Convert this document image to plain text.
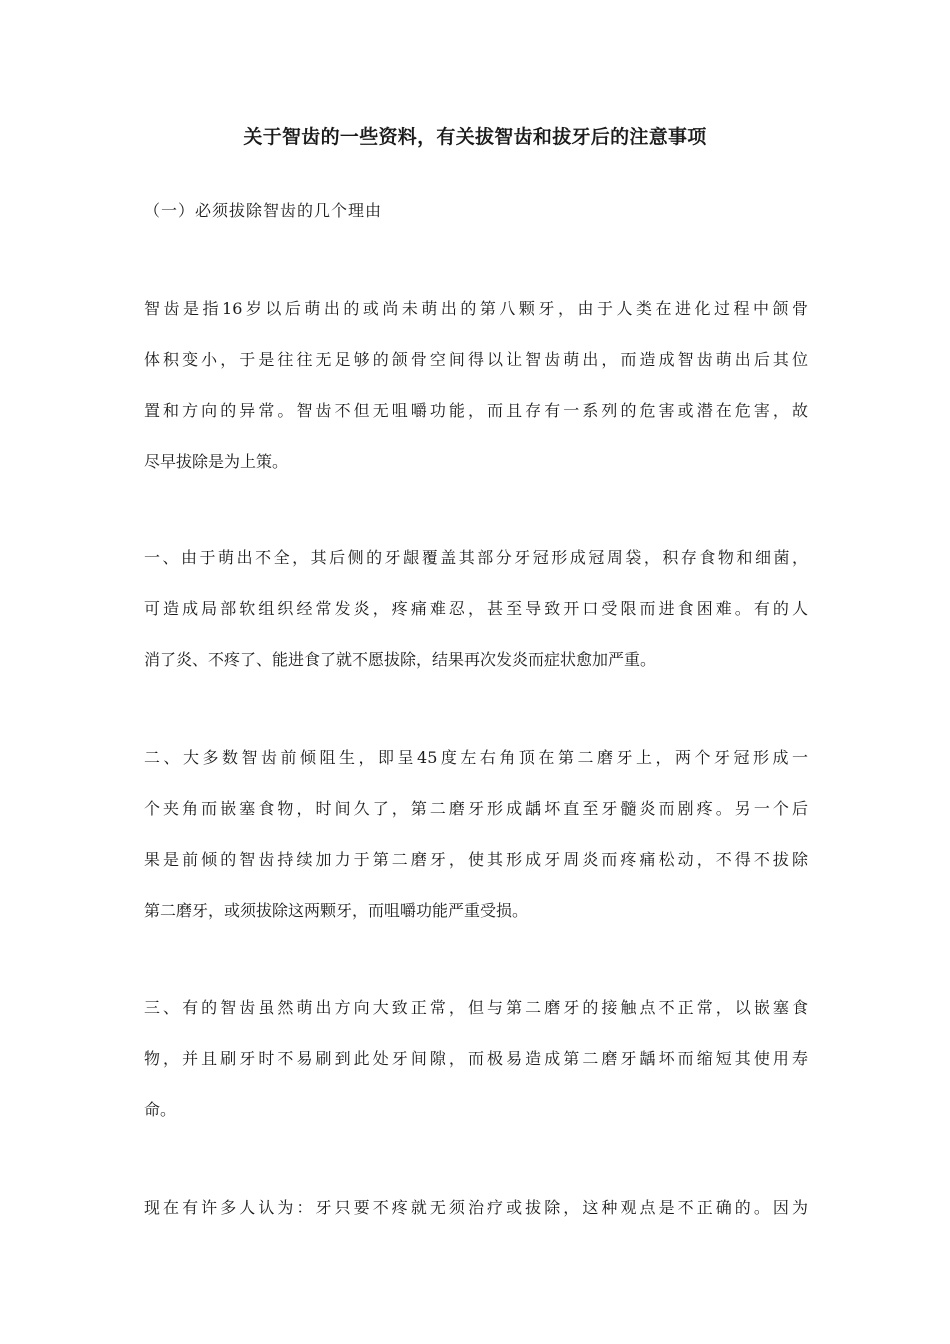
关于智齿的一些资料，有关拔智齿和拔牙后的注意事项

（一）必须拔除智齿的几个理由

智齿是指16岁以后萌出的或尚未萌出的第八颗牙，由于人类在进化过程中颌骨
体积变小，于是往往无足够的颌骨空间得以让智齿萌出，而造成智齿萌出后其位
置和方向的异常。智齿不但无咀嚼功能，而且存有一系列的危害或潜在危害，故
尽早拔除是为上策。

一、由于萌出不全，其后侧的牙龈覆盖其部分牙冠形成冠周袋，积存食物和细菌，
可造成局部软组织经常发炎，疼痛难忍，甚至导致开口受限而进食困难。有的人
消了炎、不疼了、能进食了就不愿拔除，结果再次发炎而症状愈加严重。

二、大多数智齿前倾阻生，即呈45度左右角顶在第二磨牙上，两个牙冠形成一
个夹角而嵌塞食物，时间久了，第二磨牙形成龋坏直至牙髓炎而剧疼。另一个后
果是前倾的智齿持续加力于第二磨牙，使其形成牙周炎而疼痛松动，不得不拔除
第二磨牙，或须拔除这两颗牙，而咀嚼功能严重受损。

三、有的智齿虽然萌出方向大致正常，但与第二磨牙的接触点不正常，以嵌塞食
物，并且刷牙时不易刷到此处牙间隙，而极易造成第二磨牙龋坏而缩短其使用寿
命。

现在有许多人认为：牙只要不疼就无须治疗或拔除，这种观点是不正确的。因为
